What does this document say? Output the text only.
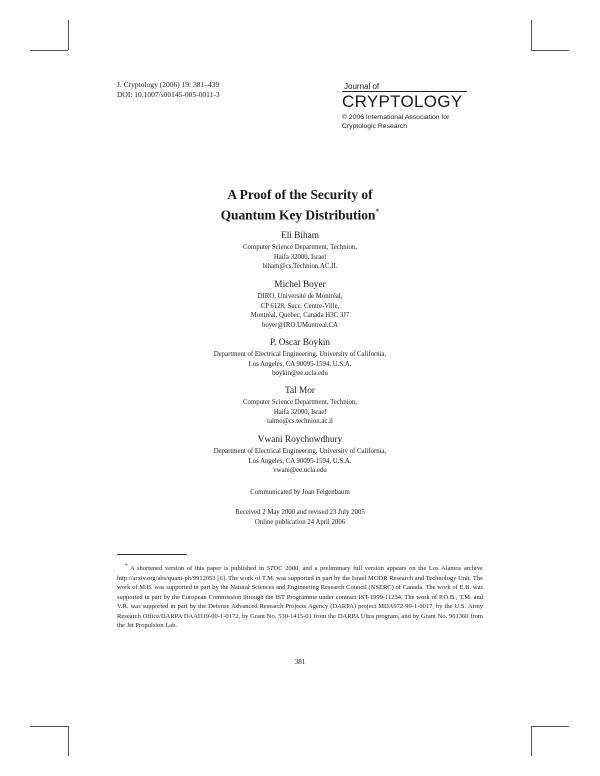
J. Cryptology (2006) 19: 381–439
DOI: 10.1007/s00145-005-0011-3
Journal of
CRYPTOLOGY
© 2006 International Association for
Cryptologic Research
A Proof of the Security of
Quantum Key Distribution*
Eli Biham
Computer Science Department, Technion,
Haifa 32000, Israel
biham@cs.Technion.AC.IL
Michel Boyer
DIRO, Université de Montréal,
CP 6128, Succ. Centre-Ville,
Montréal, Quebec, Canada H3C 3J7
boyer@IRO.UMontreal.CA
P. Oscar Boykin
Department of Electrical Engineering, University of California,
Los Angeles, CA 90095-1594, U.S.A.
boykin@ee.ucla.edu
Tal Mor
Computer Science Department, Technion,
Haifa 32000, Israel
talmo@cs.technion.ac.il
Vwani Roychowdhury
Department of Electrical Engineering, University of California,
Los Angeles, CA 90095-1594, U.S.A.
vwani@ee.ucla.edu
Communicated by Joan Feigenbaum
Received 2 May 2000 and revised 23 July 2005
Online publication 24 April 2006
* A shortened version of this paper is published in STOC 2000, and a preliminary full version appears on the Los Alamos archive http://arxiv.org/abs/quant-ph/9912053 [6]. The work of T.M. was supported in part by the Israel MODR Research and Technology Unit. The work of M.B. was supported in part by the Natural Sciences and Engineering Research Council (NSERC) of Canada. The work of E.B. was supported in part by the European Commission through the IST Programme under contract IST-1999-11234. The work of P.O.B., T.M. and V.R. was supported in part by the Defense Advanced Research Projects Agency (DARPA) project MDA972-99-1-0017, by the U.S. Army Research Office/DARPA DAAD19-00-1-0172, by Grant No. 530-1415-01 from the DARPA Ultra program, and by Grant No. 961360 from the Jet Propulsion Lab.
381
